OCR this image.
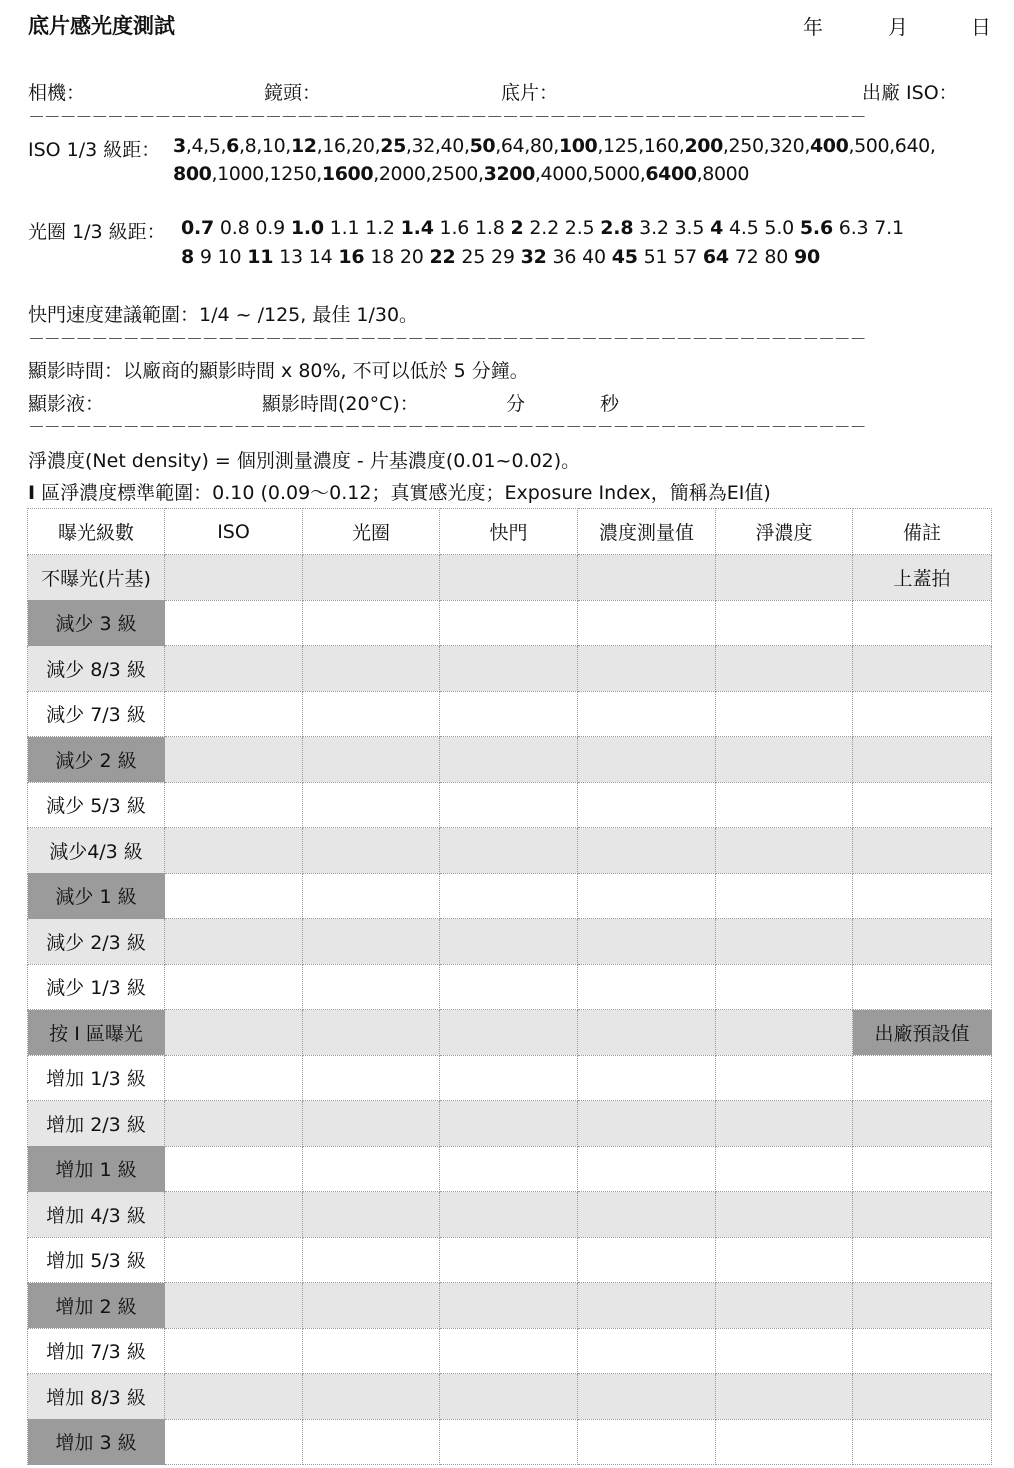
底片感光度測試	年	月	日
相機：	鏡頭：	底片：	出廠 ISO：
－－－－－－－－－－－－－－－－－－－－－－－－－－－－－－－－－－－－－－－－－－－－－－－－－－－－－
ISO 1/3 級距： 3,4,5,6,8,10,12,16,20,25,32,40,50,64,80,100,125,160,200,250,320,400,500,640,
800,1000,1250,1600,2000,2500,3200,4000,5000,6400,8000
光圈 1/3 級距： 0.7 0.8 0.9 1.0 1.1 1.2 1.4 1.6 1.8 2 2.2 2.5 2.8 3.2 3.5 4 4.5 5.0 5.6 6.3 7.1
8 9 10 11 13 14 16 18 20 22 25 29 32 36 40 45 51 57 64 72 80 90
快門速度建議範圍：1/4 ~ /125, 最佳 1/30。
－－－－－－－－－－－－－－－－－－－－－－－－－－－－－－－－－－－－－－－－－－－－－－－－－－－－－
顯影時間：以廠商的顯影時間 x 80%, 不可以低於 5 分鐘。
顯影液：	顯影時間(20°C)：	分	秒
－－－－－－－－－－－－－－－－－－－－－－－－－－－－－－－－－－－－－－－－－－－－－－－－－－－－－
淨濃度(Net density) = 個別測量濃度 - 片基濃度(0.01~0.02)。
I 區淨濃度標準範圍：0.10 (0.09～0.12；真實感光度；Exposure Index，簡稱為EI值)
曝光級數	ISO	光圈	快門	濃度測量值	淨濃度	備註
不曝光(片基)						上蓋拍
減少 3 級						
減少 8/3 級						
減少 7/3 級						
減少 2 級						
減少 5/3 級						
減少4/3 級						
減少 1 級						
減少 2/3 級						
減少 1/3 級						
按 I 區曝光						出廠預設值
增加 1/3 級						
增加 2/3 級						
增加 1 級						
增加 4/3 級						
增加 5/3 級						
增加 2 級						
增加 7/3 級						
增加 8/3 級						
增加 3 級						
